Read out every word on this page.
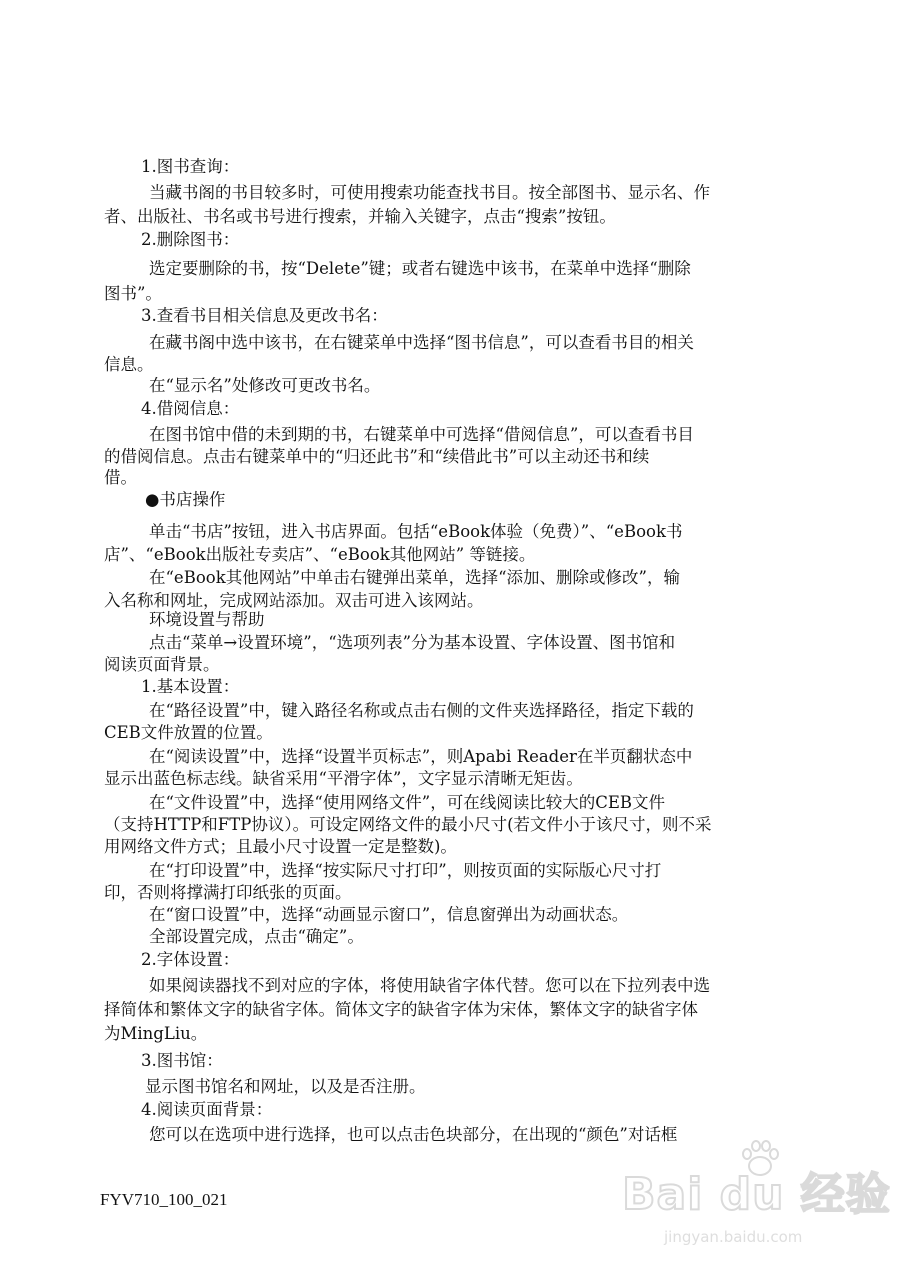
1.图书查询：
当藏书阁的书目较多时，可使用搜索功能查找书目。按全部图书、显示名、作
者、出版社、书名或书号进行搜索，并输入关键字，点击“搜索”按钮。
2.删除图书：
选定要删除的书，按“Delete”键；或者右键选中该书，在菜单中选择“删除
图书”。
3.查看书目相关信息及更改书名：
在藏书阁中选中该书，在右键菜单中选择“图书信息”，可以查看书目的相关
信息。
在“显示名”处修改可更改书名。
4.借阅信息：
在图书馆中借的未到期的书，右键菜单中可选择“借阅信息”，可以查看书目
的借阅信息。点击右键菜单中的“归还此书”和“续借此书”可以主动还书和续
借。
●书店操作
单击“书店”按钮，进入书店界面。包括“eBook体验（免费）”、“eBook书
店”、“eBook出版社专卖店”、“eBook其他网站” 等链接。
在“eBook其他网站”中单击右键弹出菜单，选择“添加、删除或修改”，输
入名称和网址，完成网站添加。双击可进入该网站。
环境设置与帮助
点击“菜单→设置环境”，“选项列表”分为基本设置、字体设置、图书馆和
阅读页面背景。
1.基本设置：
在“路径设置”中，键入路径名称或点击右侧的文件夹选择路径，指定下载的
CEB文件放置的位置。
在“阅读设置”中，选择“设置半页标志”，则Apabi Reader在半页翻状态中
显示出蓝色标志线。缺省采用“平滑字体”，文字显示清晰无矩齿。
在“文件设置”中，选择“使用网络文件”，可在线阅读比较大的CEB文件
（支持HTTP和FTP协议）。可设定网络文件的最小尺寸(若文件小于该尺寸，则不采
用网络文件方式；且最小尺寸设置一定是整数)。
在“打印设置”中，选择“按实际尺寸打印”，则按页面的实际版心尺寸打
印，否则将撑满打印纸张的页面。
在“窗口设置”中，选择“动画显示窗口”，信息窗弹出为动画状态。
全部设置完成，点击“确定”。
2.字体设置：
如果阅读器找不到对应的字体，将使用缺省字体代替。您可以在下拉列表中选
择简体和繁体文字的缺省字体。简体文字的缺省字体为宋体，繁体文字的缺省字体
为MingLiu。
3.图书馆：
显示图书馆名和网址，以及是否注册。
4.阅读页面背景：
您可以在选项中进行选择，也可以点击色块部分，在出现的“颜色”对话框
FYV710_100_021	Bai du 经验
jingyan.baidu.com
